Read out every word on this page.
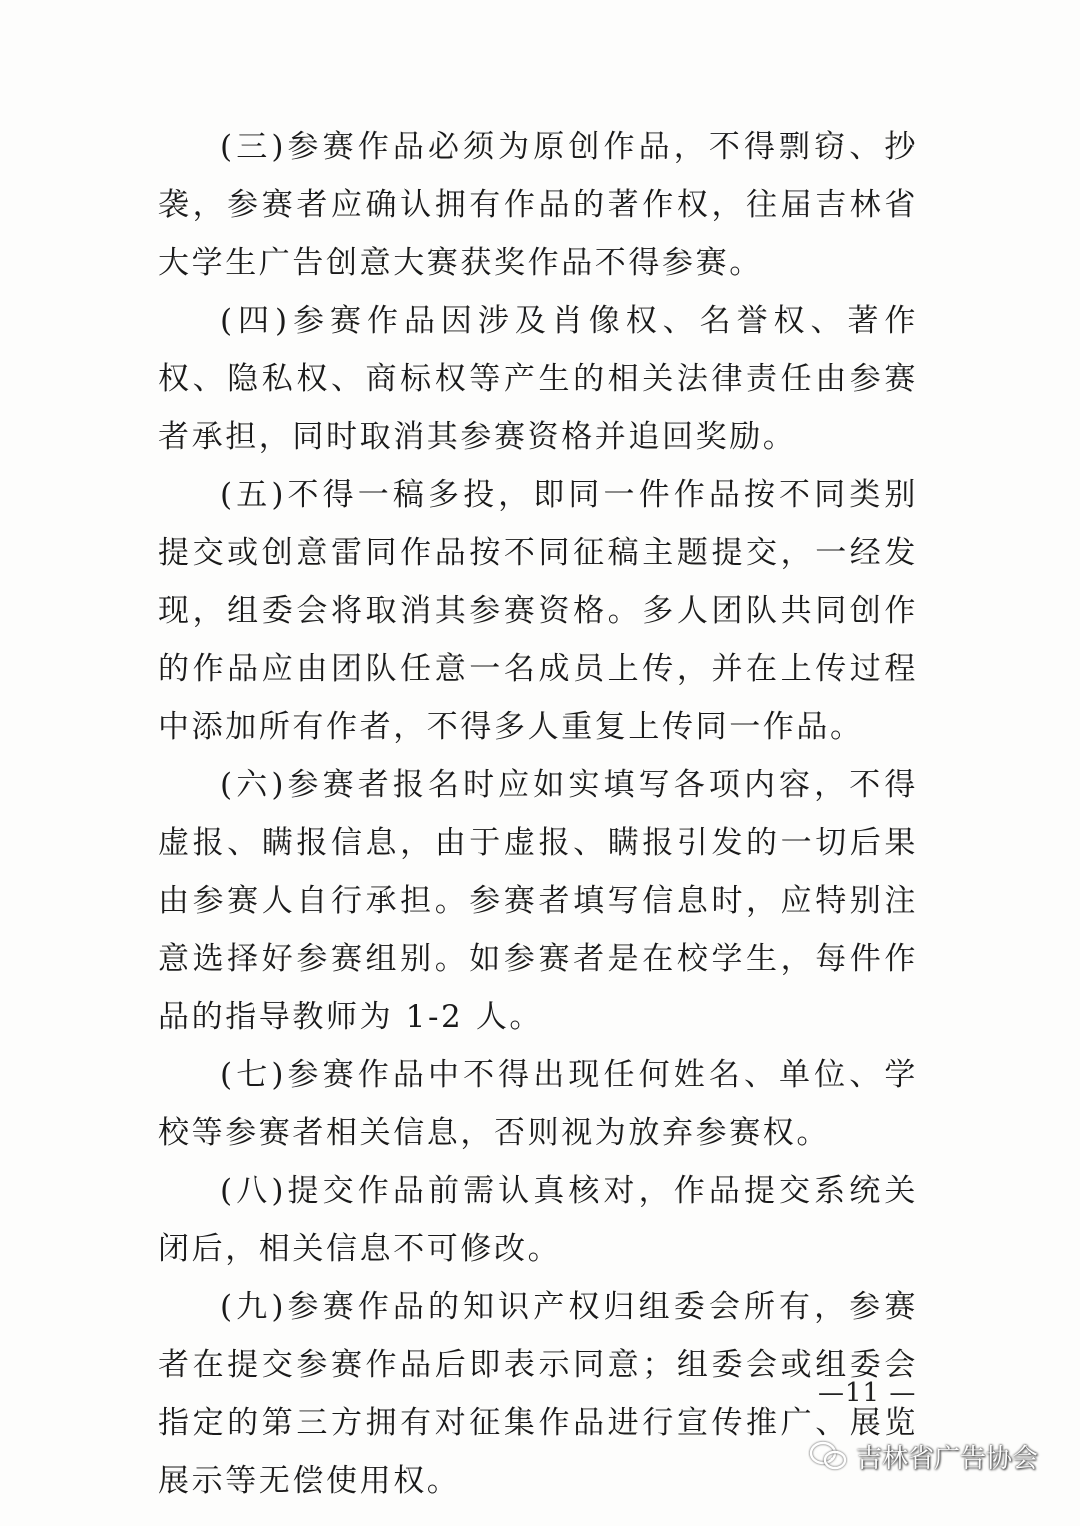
(三)参赛作品必须为原创作品，不得剽窃、抄袭，参赛者应确认拥有作品的著作权，往届吉林省大学生广告创意大赛获奖作品不得参赛。

(四)参赛作品因涉及肖像权、名誉权、著作权、隐私权、商标权等产生的相关法律责任由参赛者承担，同时取消其参赛资格并追回奖励。

(五)不得一稿多投，即同一件作品按不同类别提交或创意雷同作品按不同征稿主题提交，一经发现，组委会将取消其参赛资格。多人团队共同创作的作品应由团队任意一名成员上传，并在上传过程中添加所有作者，不得多人重复上传同一作品。

(六)参赛者报名时应如实填写各项内容，不得虚报、瞒报信息，由于虚报、瞒报引发的一切后果由参赛人自行承担。参赛者填写信息时，应特别注意选择好参赛组别。如参赛者是在校学生，每件作品的指导教师为 1-2 人。

(七)参赛作品中不得出现任何姓名、单位、学校等参赛者相关信息，否则视为放弃参赛权。

(八)提交作品前需认真核对，作品提交系统关闭后，相关信息不可修改。

(九)参赛作品的知识产权归组委会所有，参赛者在提交参赛作品后即表示同意；组委会或组委会指定的第三方拥有对征集作品进行宣传推广、展览展示等无偿使用权。

—11 —
吉林省广告协会
